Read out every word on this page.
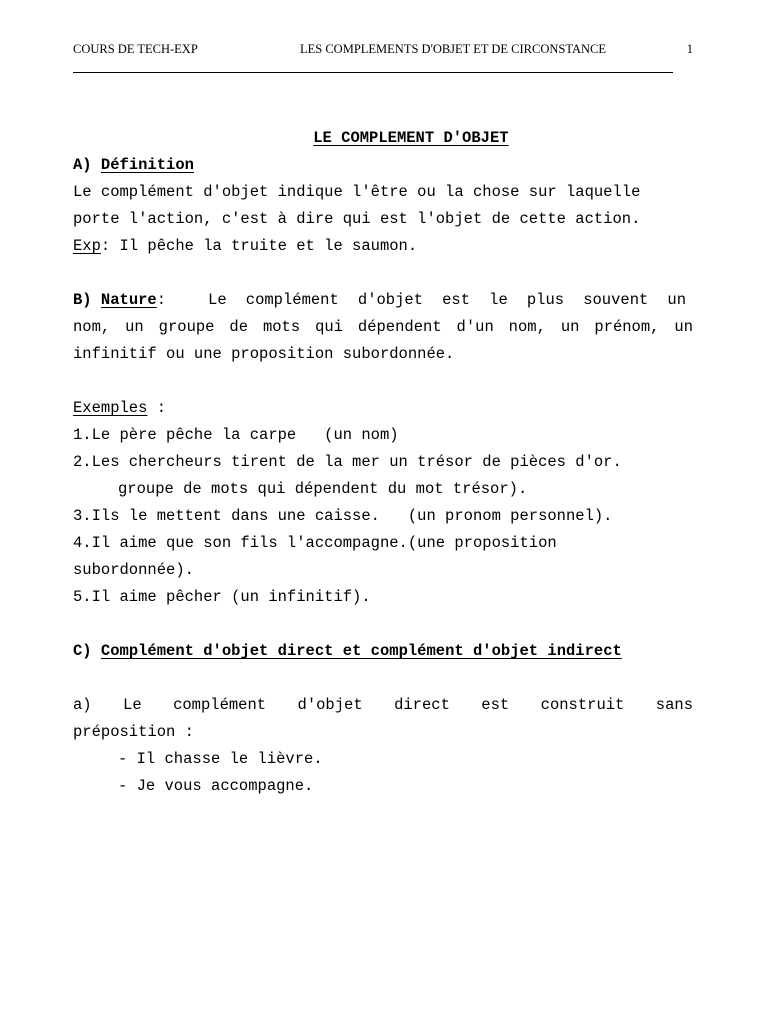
COURS DE TECH-EXP	LES COMPLEMENTS D'OBJET ET DE CIRCONSTANCE	1

LE COMPLEMENT D'OBJET

A) Définition
Le complément d'objet indique l'être ou la chose sur laquelle
porte l'action, c'est à dire qui est l'objet de cette action.
Exp: Il pêche la truite et le saumon.
B) Nature:	Le complément d'objet est le plus souvent un
nom, un groupe de mots qui dépendent d'un nom, un prénom, un
infinitif ou une proposition subordonnée.
Exemples :
1.Le père pêche la carpe   (un nom)
2.Les chercheurs tirent de la mer un trésor de pièces d'or.
groupe de mots qui dépendent du mot trésor).
3.Ils le mettent dans une caisse.   (un pronom personnel).
4.Il aime que son fils l'accompagne.(une proposition
subordonnée).
5.Il aime pêcher (un infinitif).
C) Complément d'objet direct et complément d'objet indirect
a) Le complément d'objet direct est construit sans
préposition :
- Il chasse le lièvre.
- Je vous accompagne.
